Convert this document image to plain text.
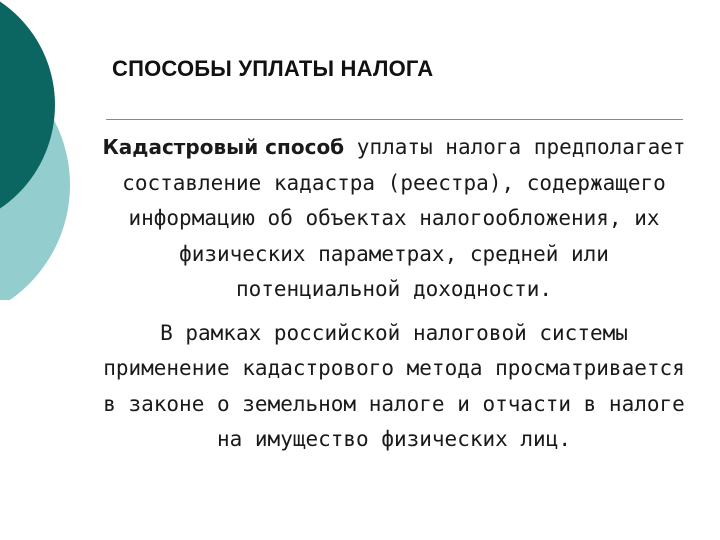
СПОСОБЫ УПЛАТЫ НАЛОГА

Кадастровый способ уплаты налога предполагает составление кадастра (реестра), содержащего информацию об объектах налогообложения, их физических параметрах, средней или потенциальной доходности.

В рамках российской налоговой системы применение кадастрового метода просматривается в законе о земельном налоге и отчасти в налоге на имущество физических лиц.
